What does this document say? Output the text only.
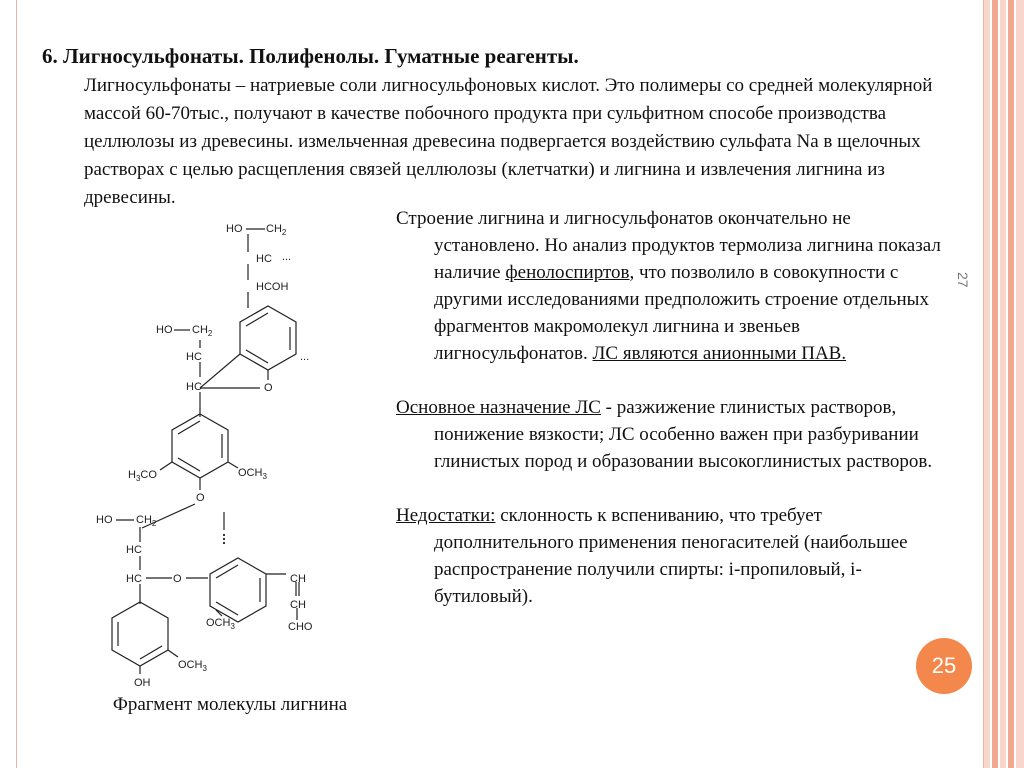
6. Лигносульфонаты. Полифенолы. Гуматные реагенты.

Лигносульфонаты – натриевые соли лигносульфоновых кислот. Это полимеры со средней молекулярной массой 60-70тыс., получают в качестве побочного продукта при сульфитном способе производства целлюлозы из древесины. измельченная древесина подвергается воздействию сульфата Na в щелочных растворах с целью расщепления связей целлюлозы (клетчатки) и лигнина и извлечения лигнина из древесины.

Строение лигнина и лигносульфонатов окончательно не установлено. Но анализ продуктов термолиза лигнина показал наличие фенолоспиртов, что позволило в совокупности с другими исследованиями предположить строение отдельных фрагментов макромолекул лигнина и звеньев лигносульфонатов. ЛС являются анионными ПАВ.

Основное назначение ЛС - разжижение глинистых растворов, понижение вязкости; ЛС особенно важен при разбуривании глинистых пород и образовании высокоглинистых растворов.

Недостатки: склонность к вспениванию, что требует дополнительного применения пеногасителей (наибольшее распространение получили спирты: i-пропиловый, i-бутиловый).

HO $CH_2$
HC ...
HCOH
...
HO $CH_2$
HC
HC	O
$H_3CO$	$OCH_3$
O
HO $CH_2$
HC
HC	O	CH
CH
CHO
$OCH_3$
$OCH_3$
OH
Фрагмент молекулы лигнина
27
25
